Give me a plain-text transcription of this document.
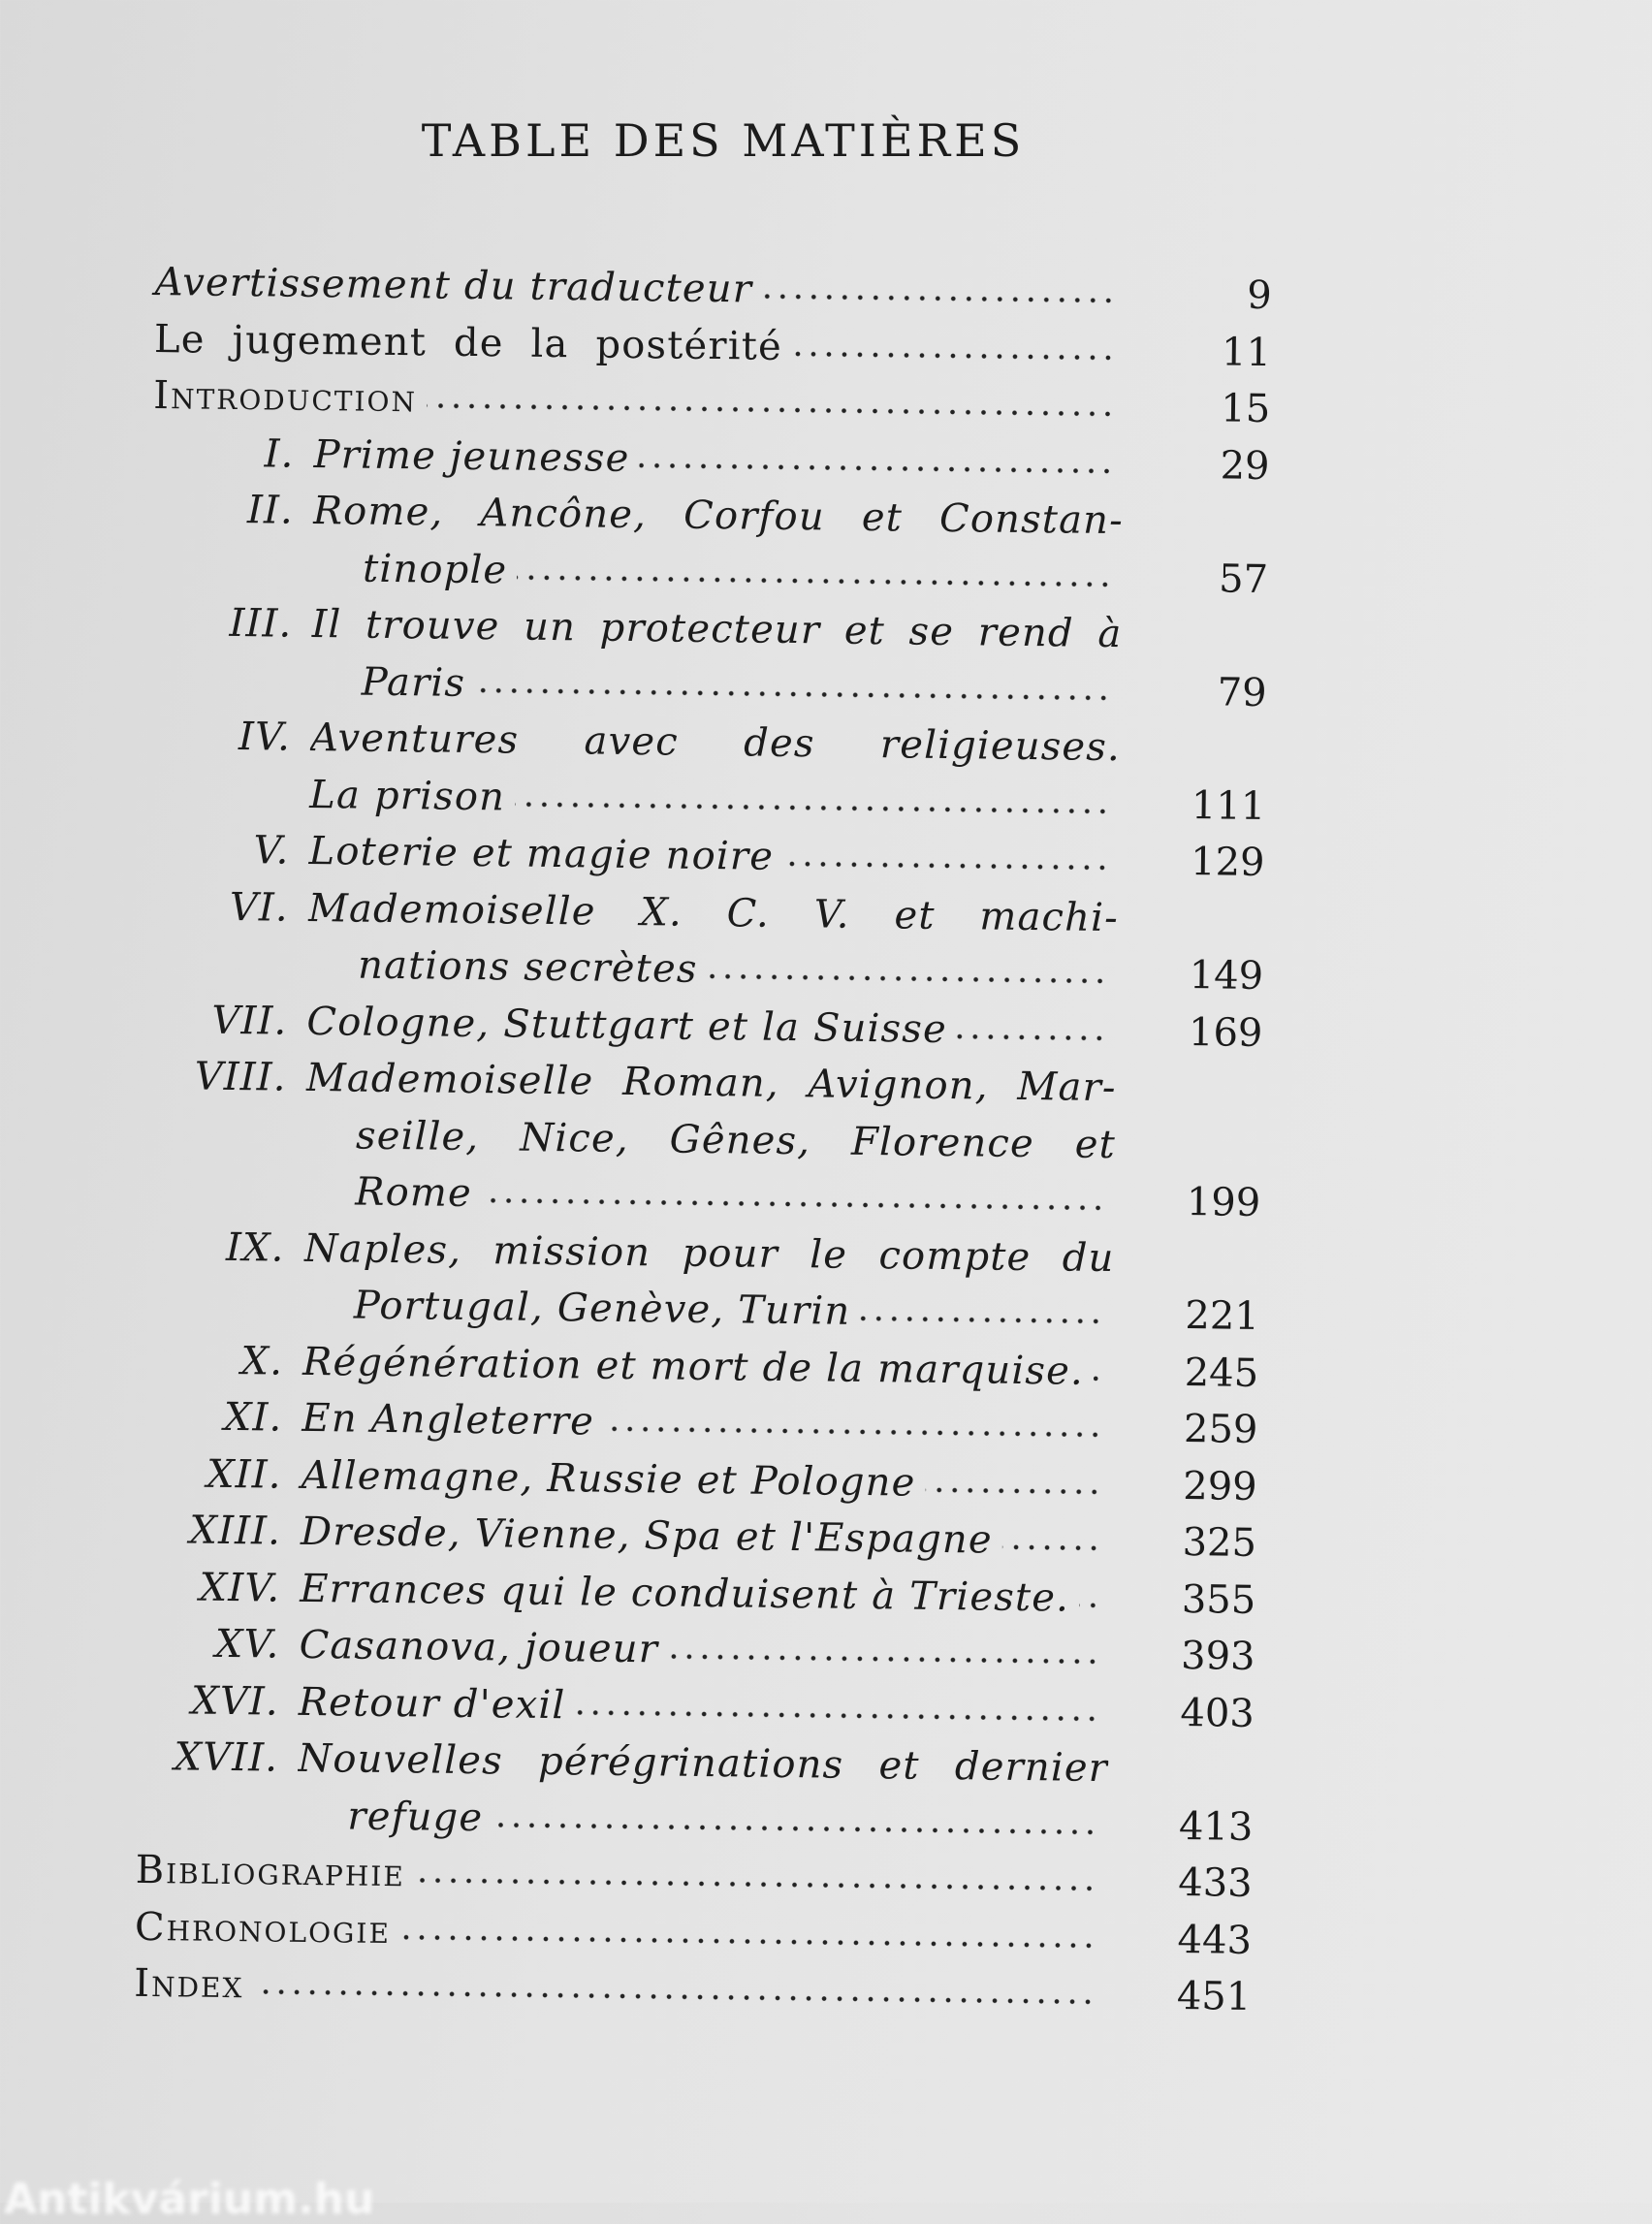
TABLE DES MATIÈRES
Avertissement du traducteur	9
Le jugement de la postérité	11
Introduction	15
I. Prime jeunesse	29
II. Rome, Ancône, Corfou et Constan-
tinople	57
III. Il trouve un protecteur et se rend à
Paris	79
IV. Aventures avec des religieuses.
La prison	111
V. Loterie et magie noire	129
VI. Mademoiselle X. C. V. et machi-
nations secrètes	149
VII. Cologne, Stuttgart et la Suisse	169
VIII. Mademoiselle Roman, Avignon, Mar-
seille, Nice, Gênes, Florence et
Rome	199
IX. Naples, mission pour le compte du
Portugal, Genève, Turin	221
X. Régénération et mort de la marquise.	245
XI. En Angleterre	259
XII. Allemagne, Russie et Pologne	299
XIII. Dresde, Vienne, Spa et l'Espagne	325
XIV. Errances qui le conduisent à Trieste.	355
XV. Casanova, joueur	393
XVI. Retour d'exil	403
XVII. Nouvelles pérégrinations et dernier
refuge	413
Bibliographie	433
Chronologie	443
Index	451
Antikvárium.hu
